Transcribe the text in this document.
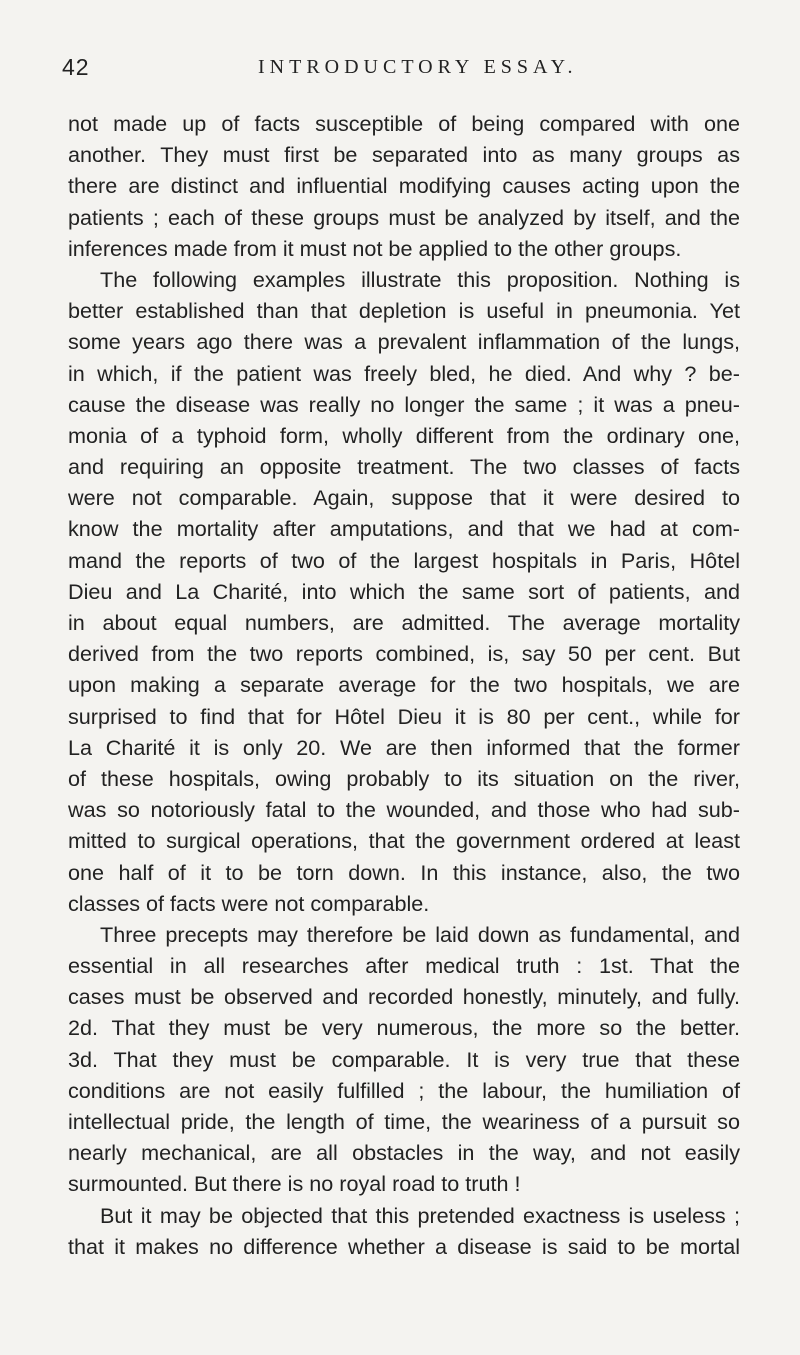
42	INTRODUCTORY ESSAY.
not made up of facts susceptible of being compared with one
another. They must first be separated into as many groups as
there are distinct and influential modifying causes acting upon the
patients ; each of these groups must be analyzed by itself, and the
inferences made from it must not be applied to the other groups.
The following examples illustrate this proposition. Nothing is
better established than that depletion is useful in pneumonia. Yet
some years ago there was a prevalent inflammation of the lungs,
in which, if the patient was freely bled, he died. And why ? be-
cause the disease was really no longer the same ; it was a pneu-
monia of a typhoid form, wholly different from the ordinary one,
and requiring an opposite treatment. The two classes of facts
were not comparable. Again, suppose that it were desired to
know the mortality after amputations, and that we had at com-
mand the reports of two of the largest hospitals in Paris, Hôtel
Dieu and La Charité, into which the same sort of patients, and
in about equal numbers, are admitted. The average mortality
derived from the two reports combined, is, say 50 per cent. But
upon making a separate average for the two hospitals, we are
surprised to find that for Hôtel Dieu it is 80 per cent., while for
La Charité it is only 20. We are then informed that the former
of these hospitals, owing probably to its situation on the river,
was so notoriously fatal to the wounded, and those who had sub-
mitted to surgical operations, that the government ordered at least
one half of it to be torn down. In this instance, also, the two
classes of facts were not comparable.
Three precepts may therefore be laid down as fundamental, and
essential in all researches after medical truth : 1st. That the
cases must be observed and recorded honestly, minutely, and fully.
2d. That they must be very numerous, the more so the better.
3d. That they must be comparable. It is very true that these
conditions are not easily fulfilled ; the labour, the humiliation of
intellectual pride, the length of time, the weariness of a pursuit so
nearly mechanical, are all obstacles in the way, and not easily
surmounted. But there is no royal road to truth !
But it may be objected that this pretended exactness is useless ;
that it makes no difference whether a disease is said to be mortal
